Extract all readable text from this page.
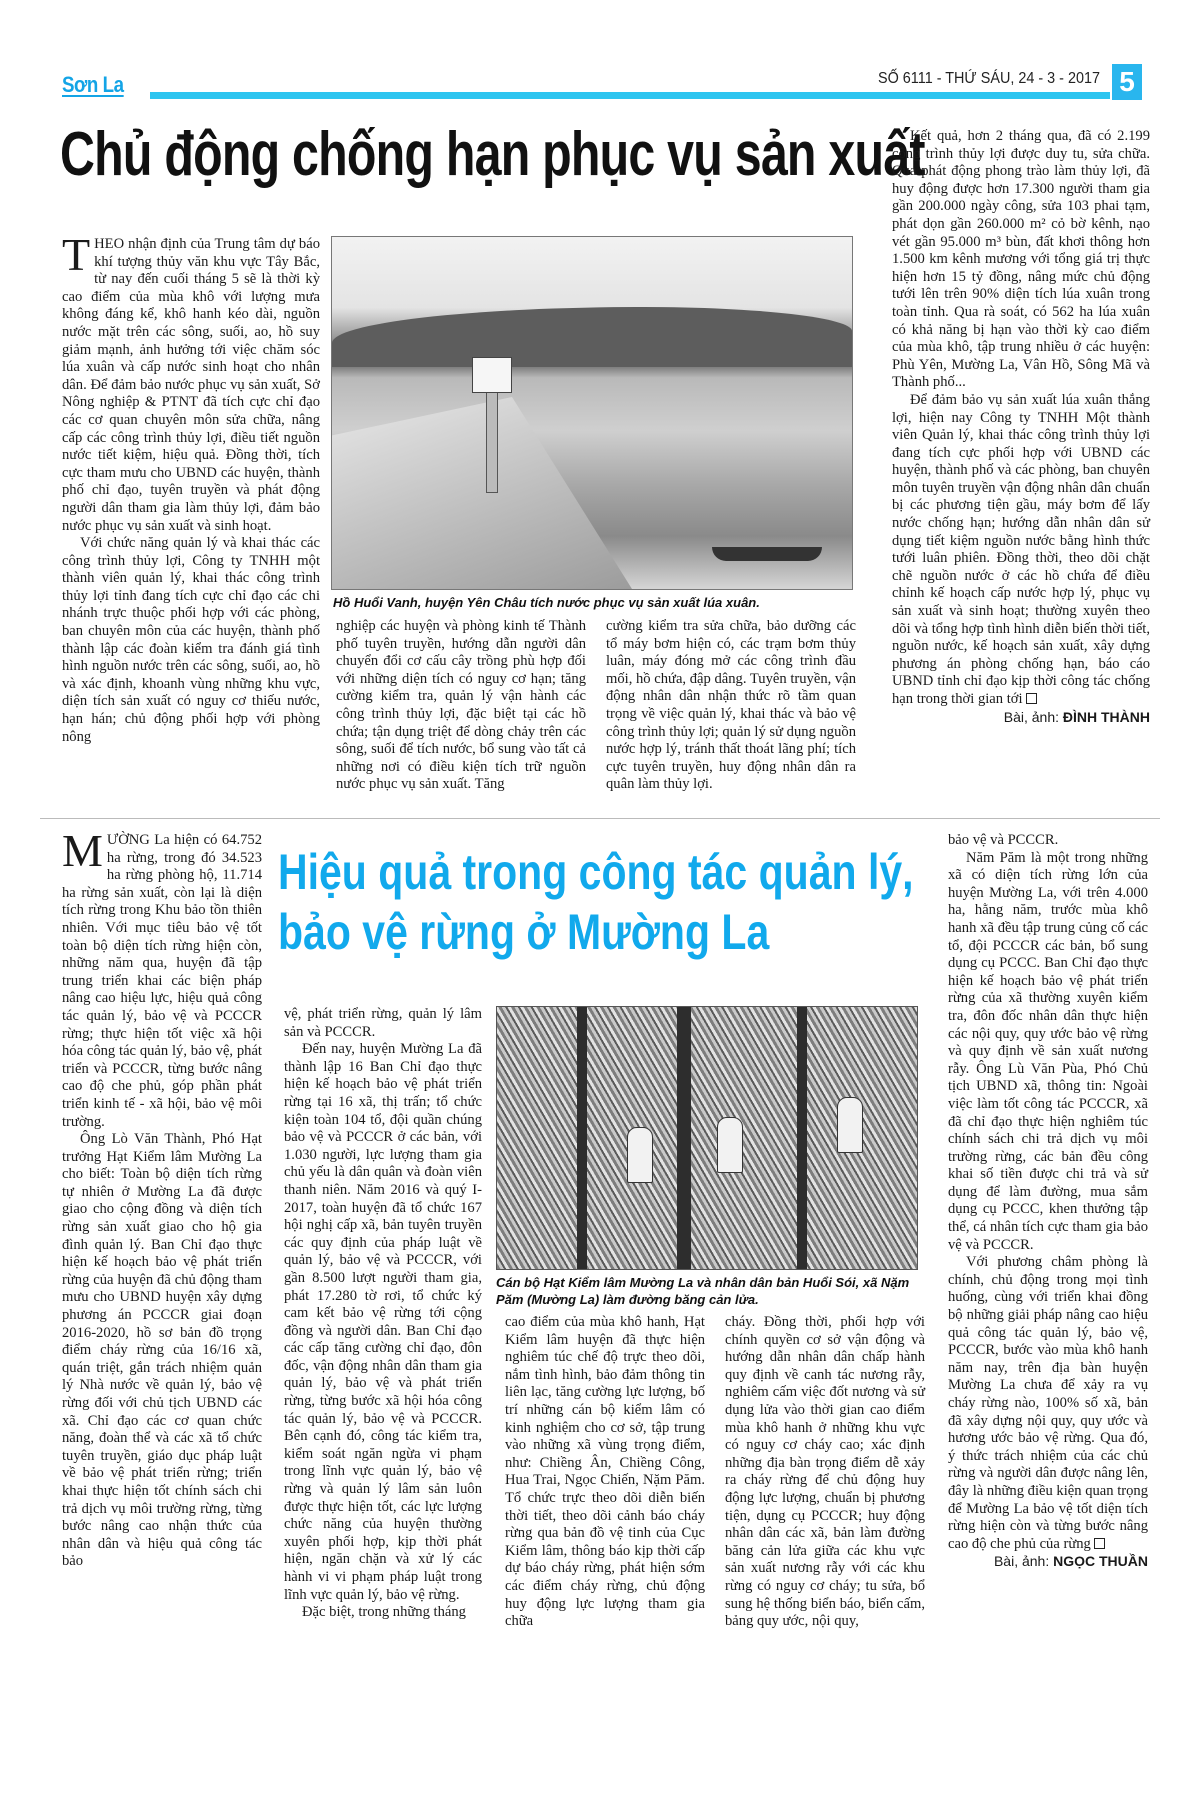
Sơn La	SỐ 6111 - THỨ SÁU, 24 - 3 - 2017 5
Chủ động chống hạn phục vụ sản xuất

THEO nhận định của Trung tâm dự báo khí tượng thủy văn khu vực Tây Bắc, từ nay đến cuối tháng 5 sẽ là thời kỳ cao điểm của mùa khô với lượng mưa không đáng kể, khô hanh kéo dài, nguồn nước mặt trên các sông, suối, ao, hồ suy giảm mạnh, ảnh hưởng tới việc chăm sóc lúa xuân và cấp nước sinh hoạt cho nhân dân. Để đảm bảo nước phục vụ sản xuất, Sở Nông nghiệp & PTNT đã tích cực chỉ đạo các cơ quan chuyên môn sửa chữa, nâng cấp các công trình thủy lợi, điều tiết nguồn nước tiết kiệm, hiệu quả. Đồng thời, tích cực tham mưu cho UBND các huyện, thành phố chỉ đạo, tuyên truyền và phát động người dân tham gia làm thủy lợi, đảm bảo nước phục vụ sản xuất và sinh hoạt.

Với chức năng quản lý và khai thác các công trình thủy lợi, Công ty TNHH một thành viên quản lý, khai thác công trình thủy lợi tỉnh đang tích cực chỉ đạo các chi nhánh trực thuộc phối hợp với các phòng, ban chuyên môn của các huyện, thành phố thành lập các đoàn kiểm tra đánh giá tình hình nguồn nước trên các sông, suối, ao, hồ và xác định, khoanh vùng những khu vực, diện tích sản xuất có nguy cơ thiếu nước, hạn hán; chủ động phối hợp với phòng nông

Hồ Huổi Vanh, huyện Yên Châu tích nước phục vụ sản xuất lúa xuân.

nghiệp các huyện và phòng kinh tế Thành phố tuyên truyền, hướng dẫn người dân chuyển đổi cơ cấu cây trồng phù hợp đối với những diện tích có nguy cơ hạn; tăng cường kiểm tra, quản lý vận hành các công trình thủy lợi, đặc biệt tại các hồ chứa; tận dụng triệt để dòng chảy trên các sông, suối để tích nước, bổ sung vào tất cả những nơi có điều kiện tích trữ nguồn nước phục vụ sản xuất. Tăng

cường kiểm tra sửa chữa, bảo dưỡng các tổ máy bơm hiện có, các trạm bơm thủy luân, máy đóng mở các công trình đầu mối, hồ chứa, đập dâng. Tuyên truyền, vận động nhân dân nhận thức rõ tầm quan trọng về việc quản lý, khai thác và bảo vệ công trình thủy lợi; quản lý sử dụng nguồn nước hợp lý, tránh thất thoát lãng phí; tích cực tuyên truyền, huy động nhân dân ra quân làm thủy lợi.

Kết quả, hơn 2 tháng qua, đã có 2.199 công trình thủy lợi được duy tu, sửa chữa. Qua phát động phong trào làm thủy lợi, đã huy động được hơn 17.300 người tham gia gần 200.000 ngày công, sửa 103 phai tạm, phát dọn gần 260.000 m² cỏ bờ kênh, nạo vét gần 95.000 m³ bùn, đất khơi thông hơn 1.500 km kênh mương với tổng giá trị thực hiện hơn 15 tỷ đồng, nâng mức chủ động tưới lên trên 90% diện tích lúa xuân trong toàn tỉnh. Qua rà soát, có 562 ha lúa xuân có khả năng bị hạn vào thời kỳ cao điểm của mùa khô, tập trung nhiều ở các huyện: Phù Yên, Mường La, Vân Hồ, Sông Mã và Thành phố...

Để đảm bảo vụ sản xuất lúa xuân thắng lợi, hiện nay Công ty TNHH Một thành viên Quản lý, khai thác công trình thủy lợi đang tích cực phối hợp với UBND các huyện, thành phố và các phòng, ban chuyên môn tuyên truyền vận động nhân dân chuẩn bị các phương tiện gầu, máy bơm để lấy nước chống hạn; hướng dẫn nhân dân sử dụng tiết kiệm nguồn nước bằng hình thức tưới luân phiên. Đồng thời, theo dõi chặt chẽ nguồn nước ở các hồ chứa để điều chỉnh kế hoạch cấp nước hợp lý, phục vụ sản xuất và sinh hoạt; thường xuyên theo dõi và tổng hợp tình hình diễn biến thời tiết, nguồn nước, kế hoạch sản xuất, xây dựng phương án phòng chống hạn, báo cáo UBND tỉnh chỉ đạo kịp thời công tác chống hạn trong thời gian tới

Bài, ảnh: ĐÌNH THÀNH
Hiệu quả trong công tác quản lý,
bảo vệ rừng ở Mường La

MƯỜNG La hiện có 64.752 ha rừng, trong đó 34.523 ha rừng phòng hộ, 11.714 ha rừng sản xuất, còn lại là diện tích rừng trong Khu bảo tồn thiên nhiên. Với mục tiêu bảo vệ tốt toàn bộ diện tích rừng hiện còn, những năm qua, huyện đã tập trung triển khai các biện pháp nâng cao hiệu lực, hiệu quả công tác quản lý, bảo vệ và PCCCR rừng; thực hiện tốt việc xã hội hóa công tác quản lý, bảo vệ, phát triển và PCCCR, từng bước nâng cao độ che phủ, góp phần phát triển kinh tế - xã hội, bảo vệ môi trường.

Ông Lò Văn Thành, Phó Hạt trưởng Hạt Kiểm lâm Mường La cho biết: Toàn bộ diện tích rừng tự nhiên ở Mường La đã được giao cho cộng đồng và diện tích rừng sản xuất giao cho hộ gia đình quản lý. Ban Chỉ đạo thực hiện kế hoạch bảo vệ phát triển rừng của huyện đã chủ động tham mưu cho UBND huyện xây dựng phương án PCCCR giai đoạn 2016-2020, hồ sơ bản đồ trọng điểm cháy rừng của 16/16 xã, quán triệt, gắn trách nhiệm quản lý Nhà nước về quản lý, bảo vệ rừng đối với chủ tịch UBND các xã. Chỉ đạo các cơ quan chức năng, đoàn thể và các xã tổ chức tuyên truyền, giáo dục pháp luật về bảo vệ phát triển rừng; triển khai thực hiện tốt chính sách chi trả dịch vụ môi trường rừng, từng bước nâng cao nhận thức của nhân dân và hiệu quả công tác bảo

vệ, phát triển rừng, quản lý lâm sản và PCCCR.

Đến nay, huyện Mường La đã thành lập 16 Ban Chỉ đạo thực hiện kế hoạch bảo vệ phát triển rừng tại 16 xã, thị trấn; tổ chức kiện toàn 104 tổ, đội quần chúng bảo vệ và PCCCR ở các bản, với 1.030 người, lực lượng tham gia chủ yếu là dân quân và đoàn viên thanh niên. Năm 2016 và quý I-2017, toàn huyện đã tổ chức 167 hội nghị cấp xã, bản tuyên truyền các quy định của pháp luật về quản lý, bảo vệ và PCCCR, với gần 8.500 lượt người tham gia, phát 17.280 tờ rơi, tổ chức ký cam kết bảo vệ rừng tới cộng đồng và người dân. Ban Chỉ đạo các cấp tăng cường chỉ đạo, đôn đốc, vận động nhân dân tham gia quản lý, bảo vệ và phát triển rừng, từng bước xã hội hóa công tác quản lý, bảo vệ và PCCCR. Bên cạnh đó, công tác kiểm tra, kiểm soát ngăn ngừa vi phạm trong lĩnh vực quản lý, bảo vệ rừng và quản lý lâm sản luôn được thực hiện tốt, các lực lượng chức năng của huyện thường xuyên phối hợp, kịp thời phát hiện, ngăn chặn và xử lý các hành vi vi phạm pháp luật trong lĩnh vực quản lý, bảo vệ rừng.

Đặc biệt, trong những tháng

Cán bộ Hạt Kiểm lâm Mường La và nhân dân bản Huổi Sói, xã Nặm Păm (Mường La) làm đường băng cản lửa.

cao điểm của mùa khô hanh, Hạt Kiểm lâm huyện đã thực hiện nghiêm túc chế độ trực theo dõi, nắm tình hình, bảo đảm thông tin liên lạc, tăng cường lực lượng, bố trí những cán bộ kiểm lâm có kinh nghiệm cho cơ sở, tập trung vào những xã vùng trọng điểm, như: Chiềng Ân, Chiềng Công, Hua Trai, Ngọc Chiến, Nặm Păm. Tổ chức trực theo dõi diễn biến thời tiết, theo dõi cảnh báo cháy rừng qua bản đồ vệ tinh của Cục Kiểm lâm, thông báo kịp thời cấp dự báo cháy rừng, phát hiện sớm các điểm cháy rừng, chủ động huy động lực lượng tham gia chữa

cháy. Đồng thời, phối hợp với chính quyền cơ sở vận động và hướng dẫn nhân dân chấp hành quy định về canh tác nương rẫy, nghiêm cấm việc đốt nương và sử dụng lửa vào thời gian cao điểm mùa khô hanh ở những khu vực có nguy cơ cháy cao; xác định những địa bàn trọng điểm dễ xảy ra cháy rừng để chủ động huy động lực lượng, chuẩn bị phương tiện, dụng cụ PCCCR; huy động nhân dân các xã, bản làm đường băng cản lửa giữa các khu vực sản xuất nương rẫy với các khu rừng có nguy cơ cháy; tu sửa, bổ sung hệ thống biển báo, biển cấm, bảng quy ước, nội quy,

bảo vệ và PCCCR.

Năm Păm là một trong những xã có diện tích rừng lớn của huyện Mường La, với trên 4.000 ha, hằng năm, trước mùa khô hanh xã đều tập trung củng cố các tổ, đội PCCCR các bản, bổ sung dụng cụ PCCC. Ban Chỉ đạo thực hiện kế hoạch bảo vệ phát triển rừng của xã thường xuyên kiểm tra, đôn đốc nhân dân thực hiện các nội quy, quy ước bảo vệ rừng và quy định về sản xuất nương rẫy. Ông Lù Văn Pùa, Phó Chủ tịch UBND xã, thông tin: Ngoài việc làm tốt công tác PCCCR, xã đã chỉ đạo thực hiện nghiêm túc chính sách chi trả dịch vụ môi trường rừng, các bản đều công khai số tiền được chi trả và sử dụng để làm đường, mua sắm dụng cụ PCCC, khen thưởng tập thể, cá nhân tích cực tham gia bảo vệ và PCCCR.

Với phương châm phòng là chính, chủ động trong mọi tình huống, cùng với triển khai đồng bộ những giải pháp nâng cao hiệu quả công tác quản lý, bảo vệ, PCCCR, bước vào mùa khô hanh năm nay, trên địa bàn huyện Mường La chưa để xảy ra vụ cháy rừng nào, 100% số xã, bản đã xây dựng nội quy, quy ước và hương ước bảo vệ rừng. Qua đó, ý thức trách nhiệm của các chủ rừng và người dân được nâng lên, đây là những điều kiện quan trọng để Mường La bảo vệ tốt diện tích rừng hiện còn và từng bước nâng cao độ che phủ của rừng

Bài, ảnh: NGỌC THUẦN
